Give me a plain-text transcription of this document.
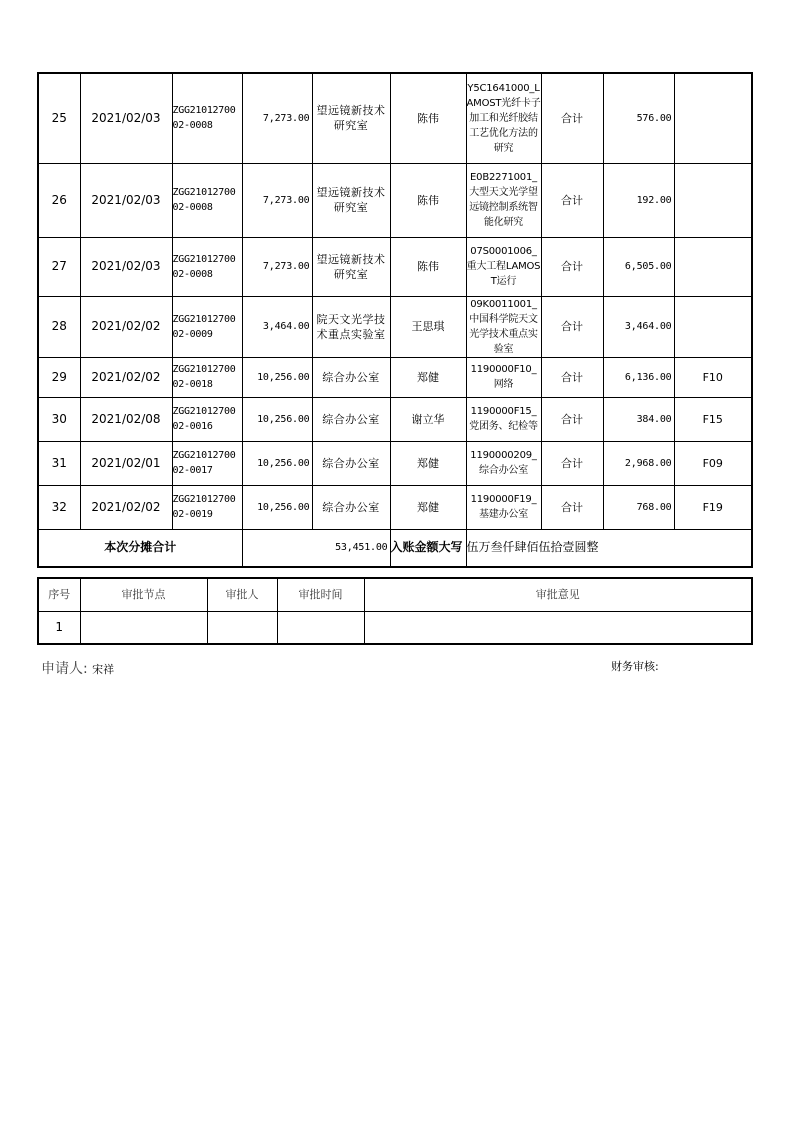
25	2021/02/03	ZGG21012700 02-0008	7,273.00	望远镜新技术研究室	陈伟	Y5C1641000_LAMOST光纤卡子加工和光纤胶结工艺优化方法的研究	合计	576.00	
26	2021/02/03	ZGG21012700 02-0008	7,273.00	望远镜新技术研究室	陈伟	E0B2271001_大型天文光学望远镜控制系统智能化研究	合计	192.00	
27	2021/02/03	ZGG21012700 02-0008	7,273.00	望远镜新技术研究室	陈伟	07S0001006_重大工程LAMOST运行	合计	6,505.00	
28	2021/02/02	ZGG21012700 02-0009	3,464.00	院天文光学技术重点实验室	王思琪	09K0011001_中国科学院天文光学技术重点实验室	合计	3,464.00	
29	2021/02/02	ZGG21012700 02-0018	10,256.00	综合办公室	郑健	1190000F10_网络	合计	6,136.00	F10
30	2021/02/08	ZGG21012700 02-0016	10,256.00	综合办公室	谢立华	1190000F15_党团务、纪检等	合计	384.00	F15
31	2021/02/01	ZGG21012700 02-0017	10,256.00	综合办公室	郑健	1190000209_综合办公室	合计	2,968.00	F09
32	2021/02/02	ZGG21012700 02-0019	10,256.00	综合办公室	郑健	1190000F19_基建办公室	合计	768.00	F19
本次分摊合计			53,451.00		入账金额大写	伍万叁仟肆佰伍拾壹圆整			
序号	审批节点	审批人	审批时间	审批意见
1				
申请人: 宋祥	财务审核:
